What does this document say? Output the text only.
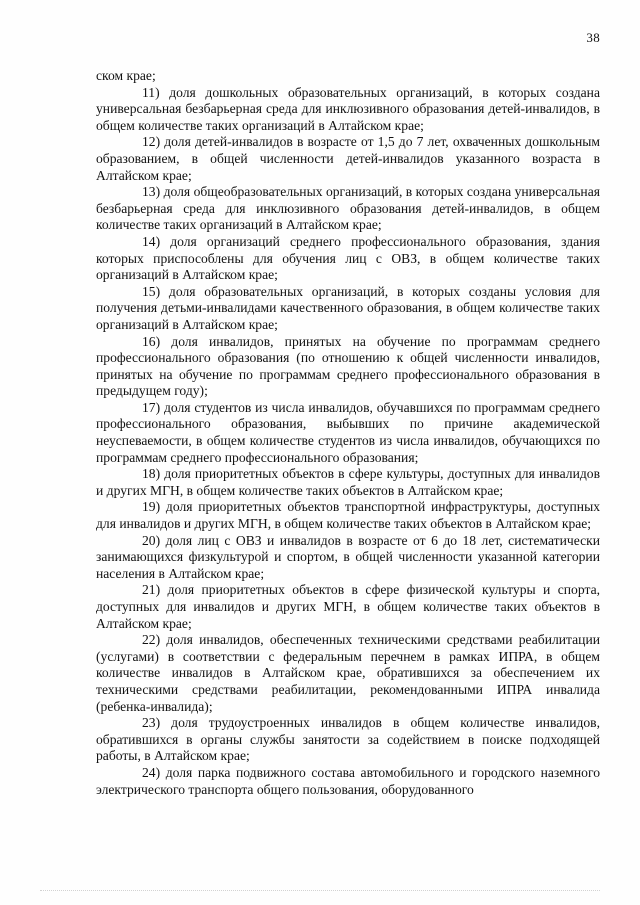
38

ском крае;

11) доля дошкольных образовательных организаций, в которых создана универсальная безбарьерная среда для инклюзивного образования детей-инвалидов, в общем количестве таких организаций в Алтайском крае;

12) доля детей-инвалидов в возрасте от 1,5 до 7 лет, охваченных дошкольным образованием, в общей численности детей-инвалидов указанного возраста в Алтайском крае;

13) доля общеобразовательных организаций, в которых создана универсальная безбарьерная среда для инклюзивного образования детей-инвалидов, в общем количестве таких организаций в Алтайском крае;

14) доля организаций среднего профессионального образования, здания которых приспособлены для обучения лиц с ОВЗ, в общем количестве таких организаций в Алтайском крае;

15) доля образовательных организаций, в которых созданы условия для получения детьми-инвалидами качественного образования, в общем количестве таких организаций в Алтайском крае;

16) доля инвалидов, принятых на обучение по программам среднего профессионального образования (по отношению к общей численности инвалидов, принятых на обучение по программам среднего профессионального образования в предыдущем году);

17) доля студентов из числа инвалидов, обучавшихся по программам среднего профессионального образования, выбывших по причине академической неуспеваемости, в общем количестве студентов из числа инвалидов, обучающихся по программам среднего профессионального образования;

18) доля приоритетных объектов в сфере культуры, доступных для инвалидов и других МГН, в общем количестве таких объектов в Алтайском крае;

19) доля приоритетных объектов транспортной инфраструктуры, доступных для инвалидов и других МГН, в общем количестве таких объектов в Алтайском крае;

20) доля лиц с ОВЗ и инвалидов в возрасте от 6 до 18 лет, систематически занимающихся физкультурой и спортом, в общей численности указанной категории населения в Алтайском крае;

21) доля приоритетных объектов в сфере физической культуры и спорта, доступных для инвалидов и других МГН, в общем количестве таких объектов в Алтайском крае;

22) доля инвалидов, обеспеченных техническими средствами реабилитации (услугами) в соответствии с федеральным перечнем в рамках ИПРА, в общем количестве инвалидов в Алтайском крае, обратившихся за обеспечением их техническими средствами реабилитации, рекомендованными ИПРА инвалида (ребенка-инвалида);

23) доля трудоустроенных инвалидов в общем количестве инвалидов, обратившихся в органы службы занятости за содействием в поиске подходящей работы, в Алтайском крае;

24) доля парка подвижного состава автомобильного и городского наземного электрического транспорта общего пользования, оборудованного
